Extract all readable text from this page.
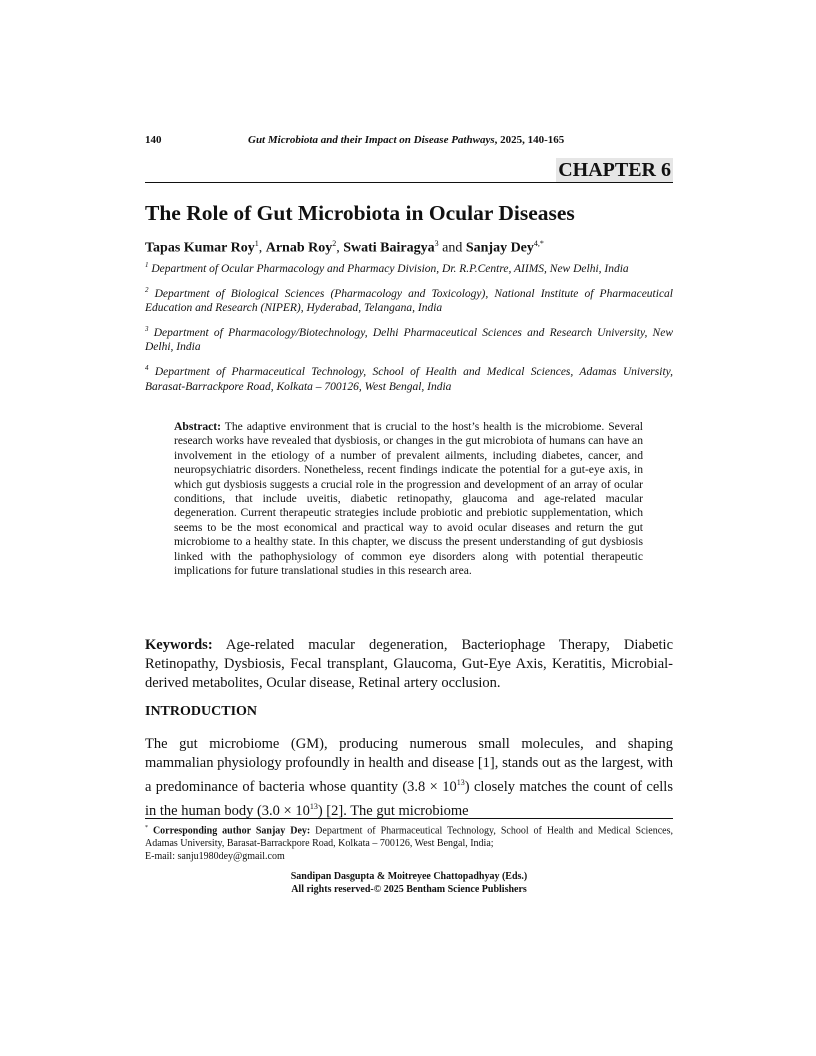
140	Gut Microbiota and their Impact on Disease Pathways, 2025, 140-165
CHAPTER 6
The Role of Gut Microbiota in Ocular Diseases
Tapas Kumar Roy$^1$, Arnab Roy$^2$, Swati Bairagya$^3$ and Sanjay Dey$^{4,*}$

$^1$ Department of Ocular Pharmacology and Pharmacy Division, Dr. R.P.Centre, AIIMS, New Delhi, India

$^2$ Department of Biological Sciences (Pharmacology and Toxicology), National Institute of Pharmaceutical Education and Research (NIPER), Hyderabad, Telangana, India

$^3$ Department of Pharmacology/Biotechnology, Delhi Pharmaceutical Sciences and Research University, New Delhi, India

$^4$ Department of Pharmaceutical Technology, School of Health and Medical Sciences, Adamas University, Barasat-Barrackpore Road, Kolkata – 700126, West Bengal, India

Abstract: The adaptive environment that is crucial to the host’s health is the microbiome. Several research works have revealed that dysbiosis, or changes in the gut microbiota of humans can have an involvement in the etiology of a number of prevalent ailments, including diabetes, cancer, and neuropsychiatric disorders. Nonetheless, recent findings indicate the potential for a gut-eye axis, in which gut dysbiosis suggests a crucial role in the progression and development of an array of ocular conditions, that include uveitis, diabetic retinopathy, glaucoma and age-related macular degeneration. Current therapeutic strategies include probiotic and prebiotic supplementation, which seems to be the most economical and practical way to avoid ocular diseases and return the gut microbiome to a healthy state. In this chapter, we discuss the present understanding of gut dysbiosis linked with the pathophysiology of common eye disorders along with potential therapeutic implications for future translational studies in this research area.

Keywords: Age-related macular degeneration, Bacteriophage Therapy, Diabetic Retinopathy, Dysbiosis, Fecal transplant, Glaucoma, Gut-Eye Axis, Keratitis, Microbial-derived metabolites, Ocular disease, Retinal artery occlusion.

INTRODUCTION

The gut microbiome (GM), producing numerous small molecules, and shaping mammalian physiology profoundly in health and disease [1], stands out as the largest, with a predominance of bacteria whose quantity $(3.8 \times 10^{13})$ closely matches the count of cells in the human body $(3.0 \times 10^{13})$ [2]. The gut microbiome

* Corresponding author Sanjay Dey: Department of Pharmaceutical Technology, School of Health and Medical Sciences, Adamas University, Barasat-Barrackpore Road, Kolkata – 700126, West Bengal, India;
E-mail: sanju1980dey@gmail.com

Sandipan Dasgupta & Moitreyee Chattopadhyay (Eds.)
All rights reserved-© 2025 Bentham Science Publishers
